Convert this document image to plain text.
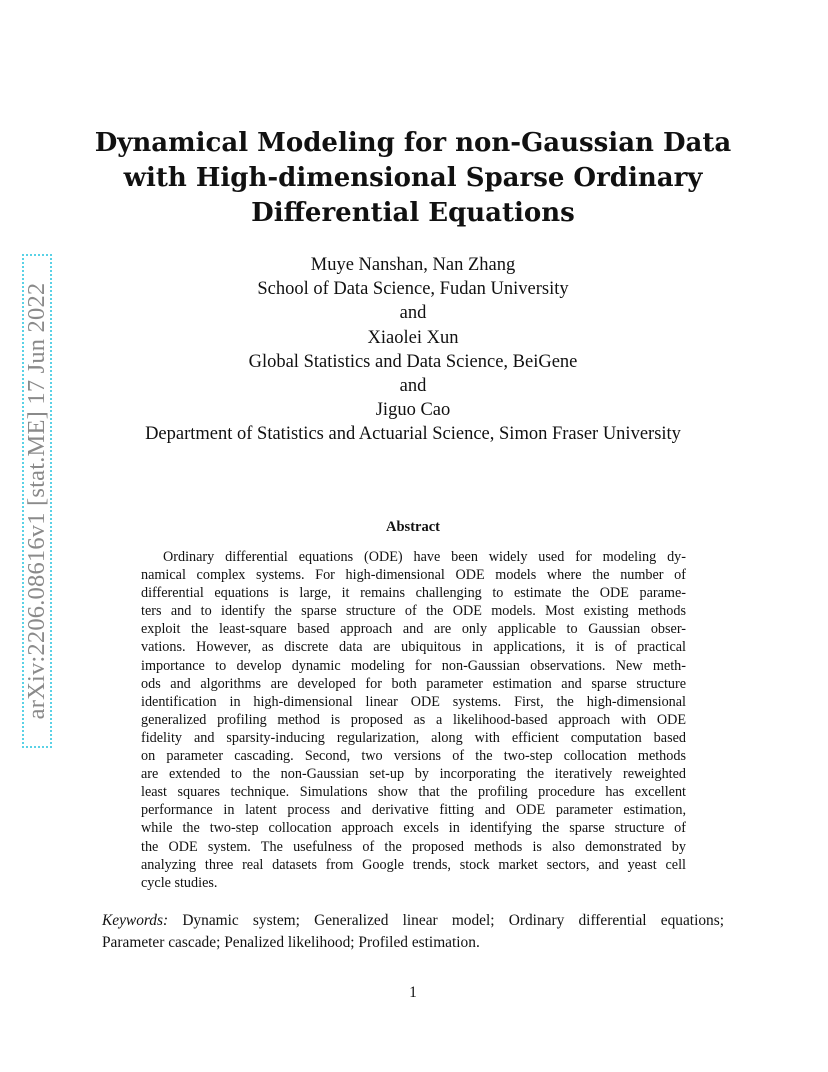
arXiv:2206.08616v1 [stat.ME] 17 Jun 2022
Dynamical Modeling for non-Gaussian Data
with High-dimensional Sparse Ordinary
Differential Equations
Muye Nanshan, Nan Zhang
School of Data Science, Fudan University
and
Xiaolei Xun
Global Statistics and Data Science, BeiGene
and
Jiguo Cao
Department of Statistics and Actuarial Science, Simon Fraser University
Abstract
Ordinary differential equations (ODE) have been widely used for modeling dy-
namical complex systems. For high-dimensional ODE models where the number of
differential equations is large, it remains challenging to estimate the ODE parame-
ters and to identify the sparse structure of the ODE models. Most existing methods
exploit the least-square based approach and are only applicable to Gaussian obser-
vations. However, as discrete data are ubiquitous in applications, it is of practical
importance to develop dynamic modeling for non-Gaussian observations. New meth-
ods and algorithms are developed for both parameter estimation and sparse structure
identification in high-dimensional linear ODE systems. First, the high-dimensional
generalized profiling method is proposed as a likelihood-based approach with ODE
fidelity and sparsity-inducing regularization, along with efficient computation based
on parameter cascading. Second, two versions of the two-step collocation methods
are extended to the non-Gaussian set-up by incorporating the iteratively reweighted
least squares technique. Simulations show that the profiling procedure has excellent
performance in latent process and derivative fitting and ODE parameter estimation,
while the two-step collocation approach excels in identifying the sparse structure of
the ODE system. The usefulness of the proposed methods is also demonstrated by
analyzing three real datasets from Google trends, stock market sectors, and yeast cell
cycle studies.
Keywords: Dynamic system; Generalized linear model; Ordinary differential equations;
Parameter cascade; Penalized likelihood; Profiled estimation.
1
